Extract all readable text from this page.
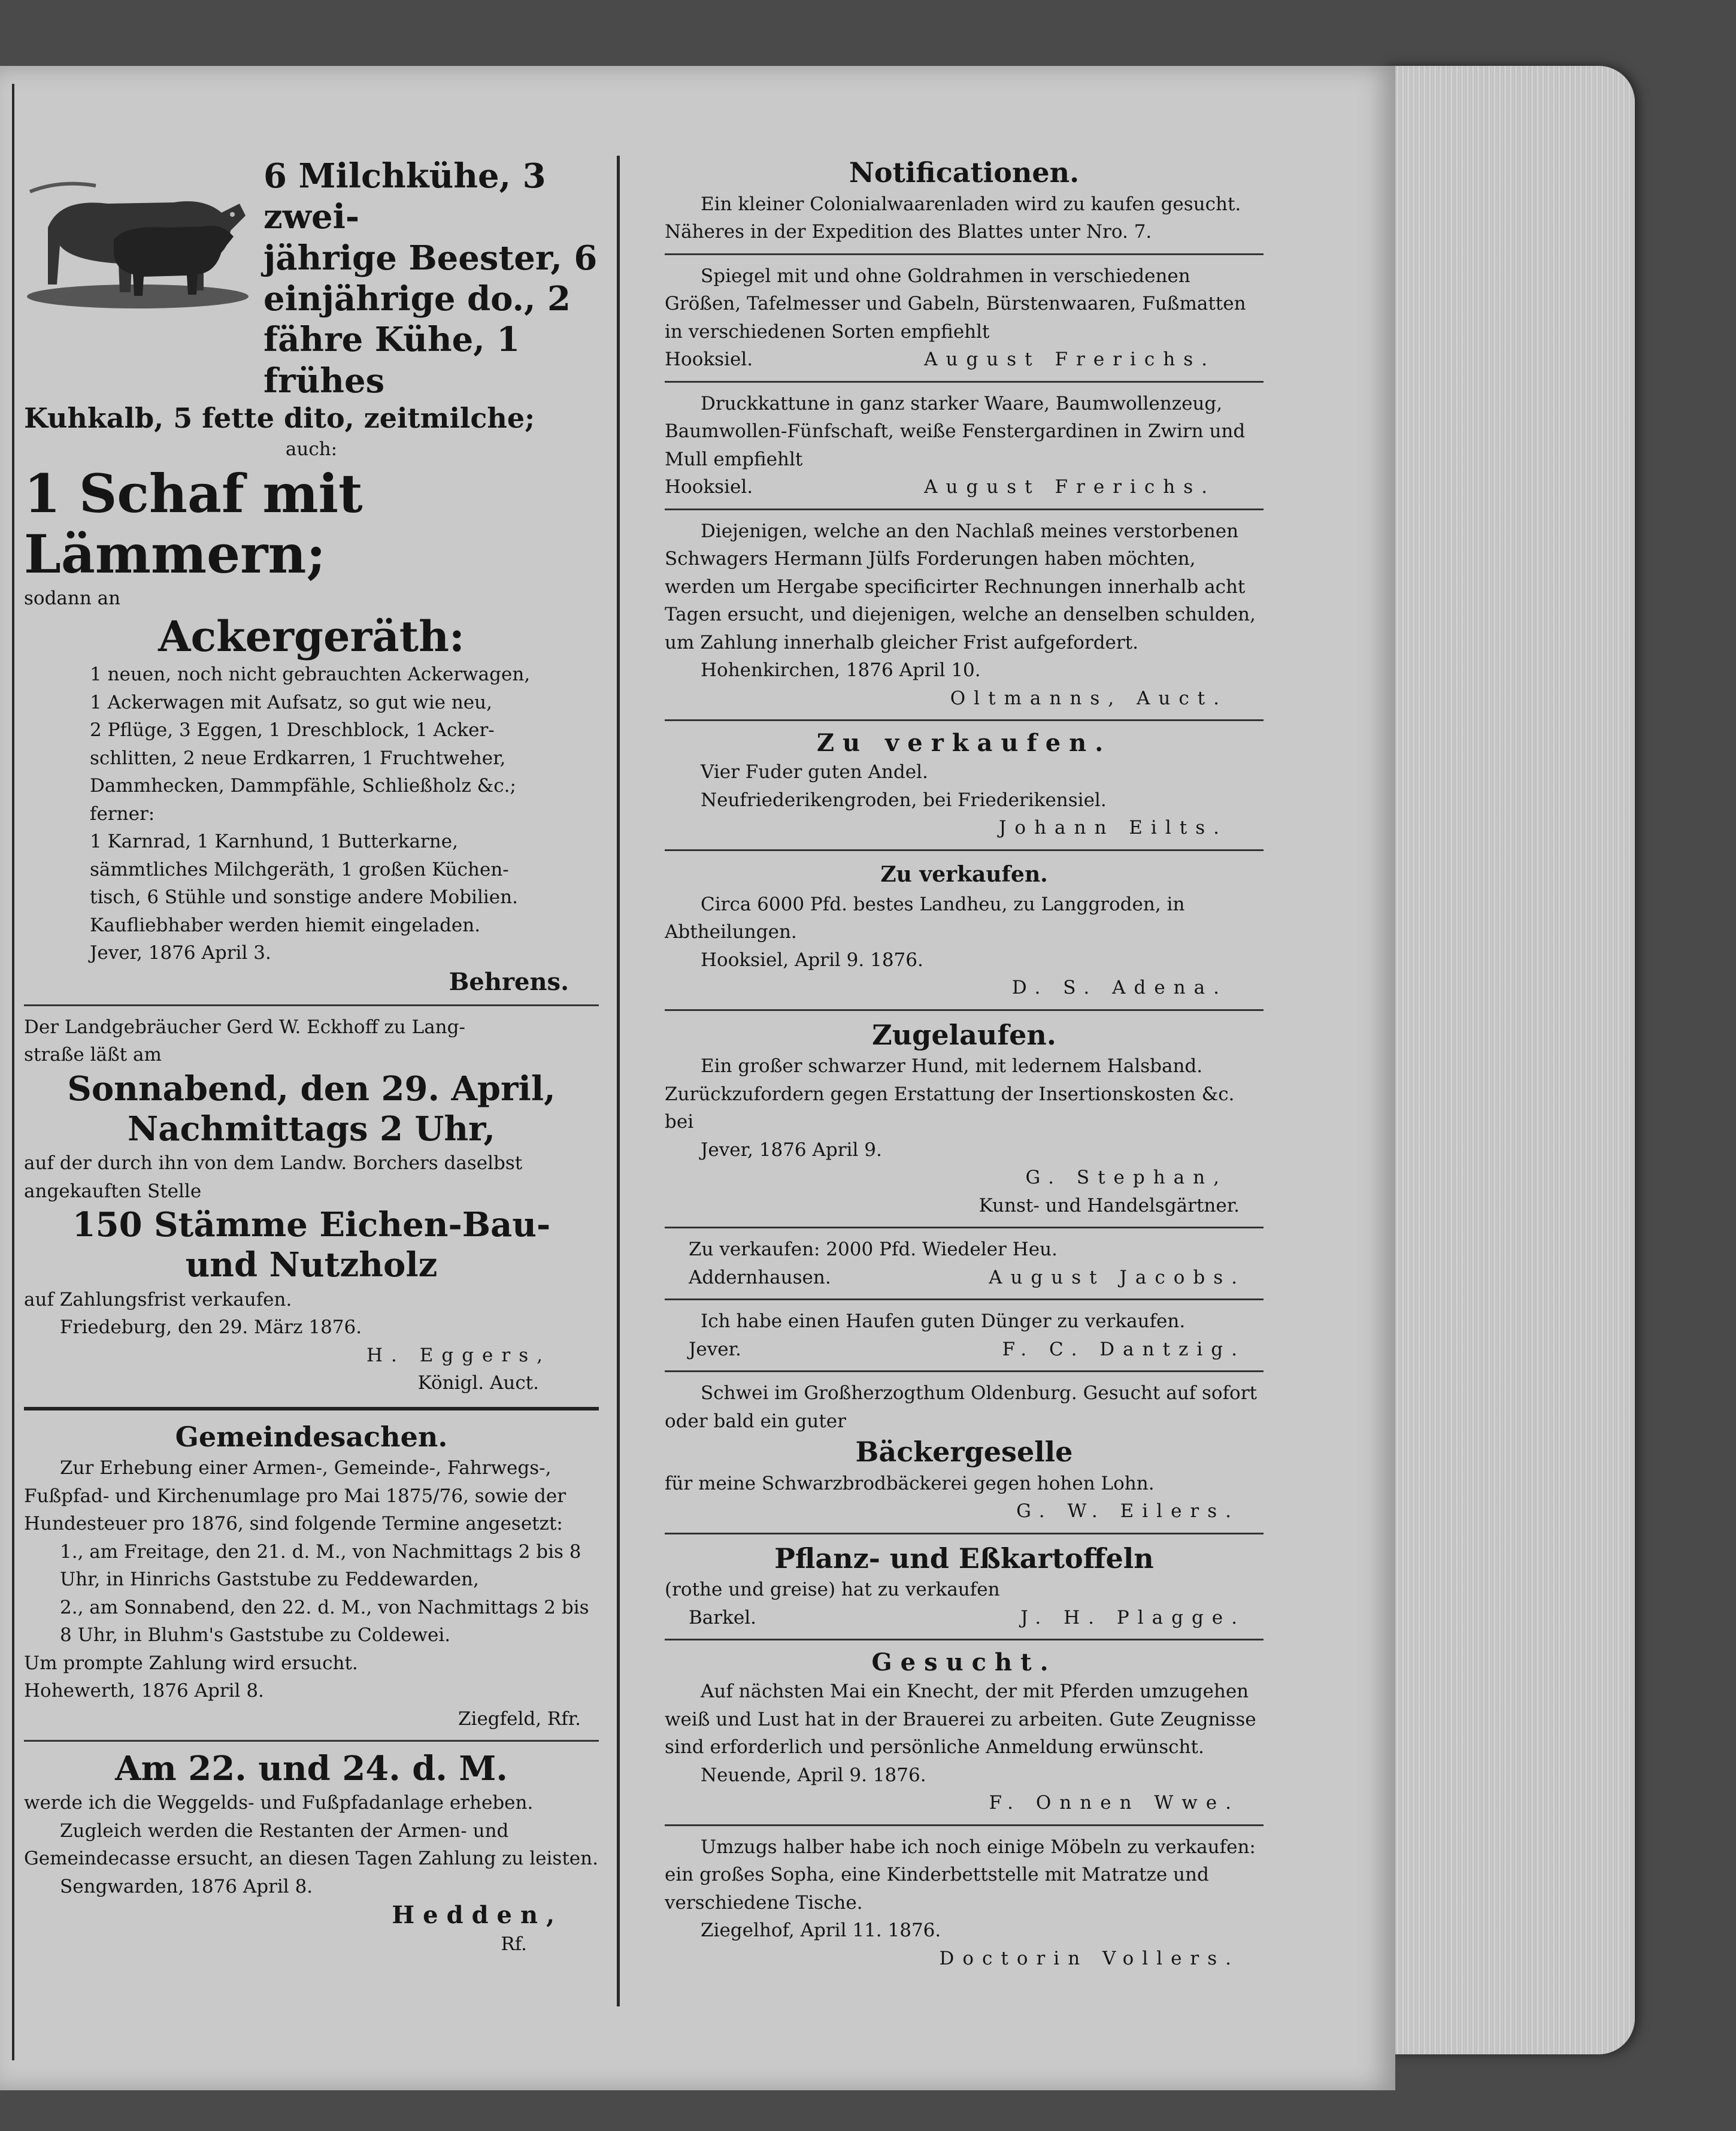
6 Milchkühe, 3 zwei-
jährige Beester, 6
einjährige do., 2
fähre Kühe, 1 frühes
Kuhkalb, 5 fette dito, zeitmilche;
auch:
1 Schaf mit Lämmern;
sodann an
Ackergeräth:
1 neuen, noch nicht gebrauchten Ackerwagen,
1 Ackerwagen mit Aufsatz, so gut wie neu,
2 Pflüge, 3 Eggen, 1 Dreschblock, 1 Acker-
schlitten, 2 neue Erdkarren, 1 Fruchtweher,
Dammhecken, Dammpfähle, Schließholz &c.;
ferner:
1 Karnrad, 1 Karnhund, 1 Butterkarne,
sämmtliches Milchgeräth, 1 großen Küchen-
tisch, 6 Stühle und sonstige andere Mobilien.
Kaufliebhaber werden hiemit eingeladen.
Jever, 1876 April 3.
Behrens.
Der Landgebräucher Gerd W. Eckhoff zu Lang-
straße läßt am
Sonnabend, den 29. April,
Nachmittags 2 Uhr,
auf der durch ihn von dem Landw. Borchers daselbst
angekauften Stelle
150 Stämme Eichen-Bau-
und Nutzholz
auf Zahlungsfrist verkaufen.
Friedeburg, den 29. März 1876.
H. Eggers,
Königl. Auct.
Gemeindesachen.

Zur Erhebung einer Armen-, Gemeinde-, Fahrwegs-, Fußpfad- und Kirchenumlage pro Mai 1875/76, sowie der Hundesteuer pro 1876, sind folgende Termine angesetzt:

1., am Freitage, den 21. d. M., von Nachmittags 2 bis 8 Uhr, in Hinrichs Gaststube zu Feddewarden,

2., am Sonnabend, den 22. d. M., von Nachmittags 2 bis 8 Uhr, in Bluhm's Gaststube zu Coldewei.

Um prompte Zahlung wird ersucht.

Hohewerth, 1876 April 8.

Ziegfeld, Rfr.

Am 22. und 24. d. M.

werde ich die Weggelds- und Fußpfadanlage erheben.

Zugleich werden die Restanten der Armen- und Gemeindecasse ersucht, an diesen Tagen Zahlung zu leisten.

Sengwarden, 1876 April 8.

Hedden,
Rf.
Notificationen.

Ein kleiner Colonialwaarenladen wird zu kaufen gesucht. Näheres in der Expedition des Blattes unter Nro. 7.

Spiegel mit und ohne Goldrahmen in verschiedenen Größen, Tafelmesser und Gabeln, Bürstenwaaren, Fußmatten in verschiedenen Sorten empfiehlt

Hooksiel.	August Frerichs.

Druckkattune in ganz starker Waare, Baumwollenzeug, Baumwollen-Fünfschaft, weiße Fenstergardinen in Zwirn und Mull empfiehlt

Hooksiel.	August Frerichs.

Diejenigen, welche an den Nachlaß meines verstorbenen Schwagers Hermann Jülfs Forderungen haben möchten, werden um Hergabe specificirter Rechnungen innerhalb acht Tagen ersucht, und diejenigen, welche an denselben schulden, um Zahlung innerhalb gleicher Frist aufgefordert.

Hohenkirchen, 1876 April 10.

Oltmanns, Auct.

Zu verkaufen.

Vier Fuder guten Andel.

Neufriederikengroden, bei Friederikensiel.

Johann Eilts.

Zu verkaufen.

Circa 6000 Pfd. bestes Landheu, zu Langgroden, in Abtheilungen.

Hooksiel, April 9. 1876.

D. S. Adena.

Zugelaufen.

Ein großer schwarzer Hund, mit ledernem Halsband. Zurückzufordern gegen Erstattung der Insertionskosten &c. bei

Jever, 1876 April 9.

G. Stephan,

Kunst- und Handelsgärtner.

Zu verkaufen: 2000 Pfd. Wiedeler Heu.
Addernhausen.	August Jacobs.

Ich habe einen Haufen guten Dünger zu verkaufen.

Jever.	F. C. Dantzig.

Schwei im Großherzogthum Oldenburg. Gesucht auf sofort oder bald ein guter

Bäckergeselle

für meine Schwarzbrodbäckerei gegen hohen Lohn.

G. W. Eilers.

Pflanz- und Eßkartoffeln

(rothe und greise) hat zu verkaufen

Barkel.	J. H. Plagge.
Gesucht.

Auf nächsten Mai ein Knecht, der mit Pferden umzugehen weiß und Lust hat in der Brauerei zu arbeiten. Gute Zeugnisse sind erforderlich und persönliche Anmeldung erwünscht.

Neuende, April 9. 1876.

F. Onnen Wwe.

Umzugs halber habe ich noch einige Möbeln zu verkaufen: ein großes Sopha, eine Kinderbettstelle mit Matratze und verschiedene Tische.

Ziegelhof, April 11. 1876.

Doctorin Vollers.
